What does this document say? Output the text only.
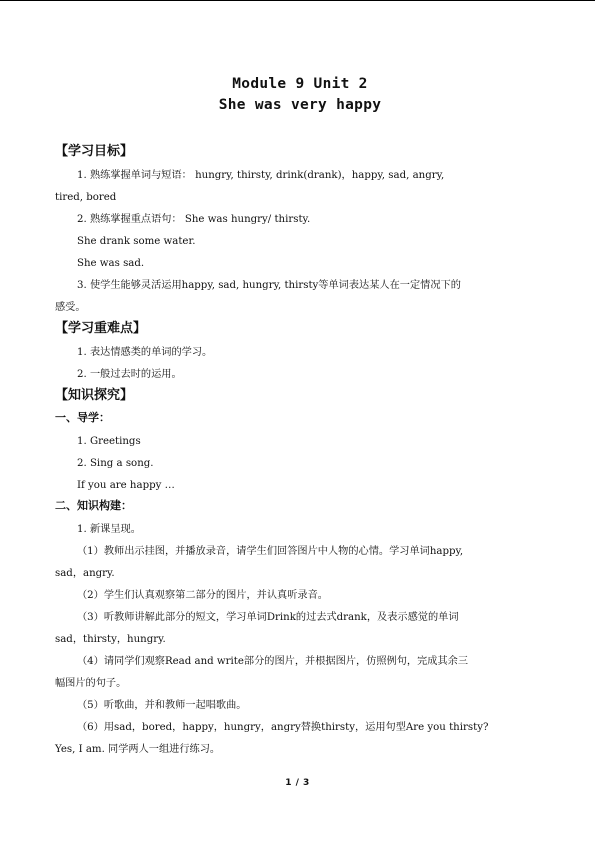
Module 9 Unit 2
She was very happy
【学习目标】
1. 熟练掌握单词与短语： hungry, thirsty, drink(drank)，happy, sad, angry,
tired, bored
2. 熟练掌握重点语句： She was hungry/ thirsty.
She drank some water.
She was sad.
3. 使学生能够灵活运用happy, sad, hungry, thirsty等单词表达某人在一定情况下的
感受。
【学习重难点】
1. 表达情感类的单词的学习。
2. 一般过去时的运用。
【知识探究】
一、导学：
1. Greetings
2. Sing a song.
If you are happy …
二、知识构建：
1. 新课呈现。
（1）教师出示挂图，并播放录音，请学生们回答图片中人物的心情。学习单词happy,
sad，angry.
（2）学生们认真观察第二部分的图片，并认真听录音。
（3）听教师讲解此部分的短文，学习单词Drink的过去式drank，及表示感觉的单词
sad，thirsty，hungry.
（4）请同学们观察Read and write部分的图片，并根据图片，仿照例句，完成其余三
幅图片的句子。
（5）听歌曲，并和教师一起唱歌曲。
（6）用sad，bored，happy，hungry，angry替换thirsty，运用句型Are you thirsty?
Yes, I am. 同学两人一组进行练习。
1 / 3
